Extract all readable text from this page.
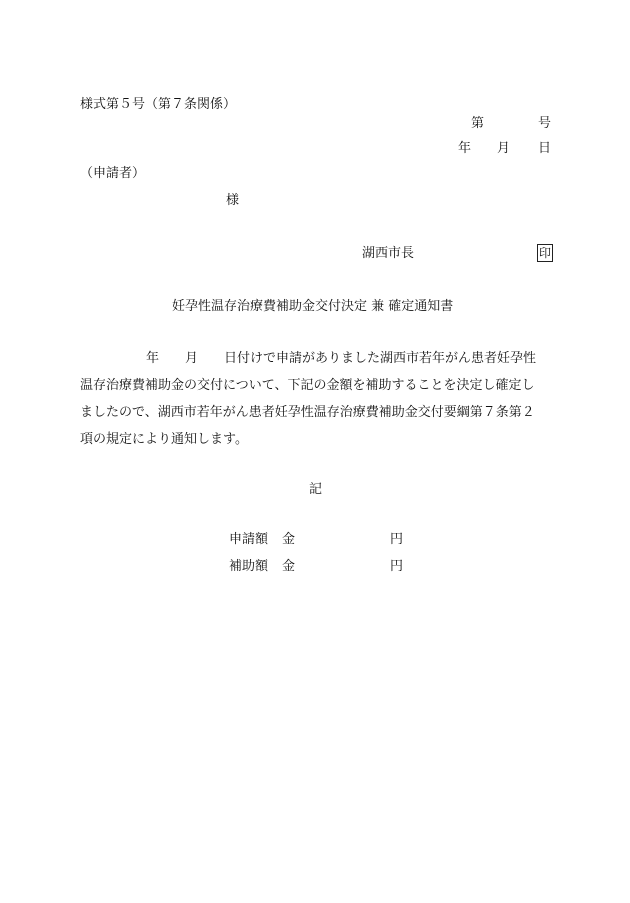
様式第５号（第７条関係）
第	号
年 月 日
（申請者）
様
湖西市長	印
妊孕性温存治療費補助金交付決定 兼 確定通知書
年 月 日付けで申請がありました湖西市若年がん患者妊孕性
温存治療費補助金の交付について、下記の金額を補助することを決定し確定し
ましたので、湖西市若年がん患者妊孕性温存治療費補助金交付要綱第７条第２
項の規定により通知します。
記
申請額 金	円
補助額 金	円
